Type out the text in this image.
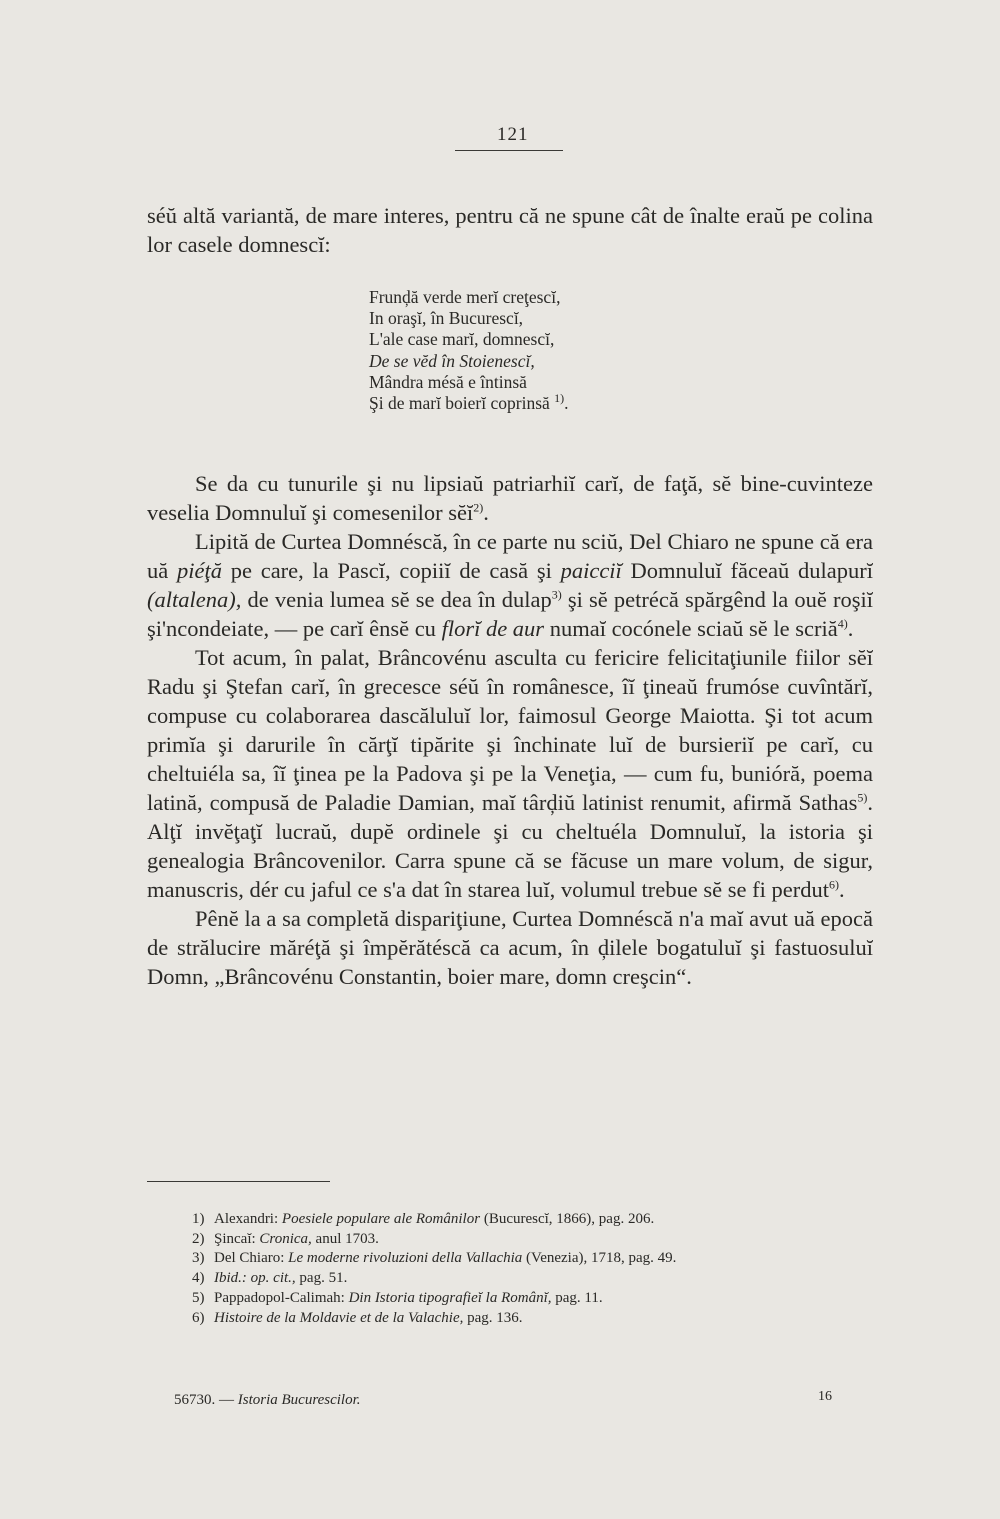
121

séŭ altă variantă, de mare interes, pentru că ne spune cât de înalte eraŭ pe colina lor casele domnescĭ:

Frunḑă verde merĭ creţescĭ,
In oraşĭ, în Bucurescĭ,
L'ale case marĭ, domnescĭ,
De se vĕd în Stoienescĭ,
Mândra mésă e întinsă
Şi de marĭ boierĭ coprinsă $^{1)}$.

Se da cu tunurile şi nu lipsiaŭ patriarhiĭ carĭ, de faţă, sĕ bine-cuvinteze veselia Domnuluĭ şi comesenilor sĕĭ$^{2)}$.

Lipită de Curtea Domnéscă, în ce parte nu sciŭ, Del Chiaro ne spune că era uă piéţă pe care, la Pascĭ, copiiĭ de casă şi paicciĭ Domnuluĭ făceaŭ dulapurĭ (altalena), de venia lumea sĕ se dea în dulap$^{3)}$ şi sĕ petrécă spărgênd la ouĕ roşiĭ şi'ncondeiate, — pe carĭ ênsĕ cu florĭ de aur numaĭ cocónele sciaŭ sĕ le scriă$^{4)}$.

Tot acum, în palat, Brâncovénu asculta cu fericire felicitaţiunile fiilor sĕĭ Radu şi Ştefan carĭ, în grecesce séŭ în românesce, îĭ ţineaŭ frumóse cuvîntărĭ, compuse cu colaborarea dascăluluĭ lor, faimosul George Maiotta. Şi tot acum primĭa şi darurile în cărţĭ tipărite şi închinate luĭ de bursieriĭ pe carĭ, cu cheltuiéla sa, îĭ ţinea pe la Padova şi pe la Veneţia, — cum fu, bunióră, poema latină, compusă de Paladie Damian, maĭ târḑiŭ latinist renumit, afirmă Sathas$^{5)}$. Alţĭ invĕţaţĭ lucraŭ, dupĕ ordinele şi cu cheltuéla Domnuluĭ, la istoria şi genealogia Brâncovenilor. Carra spune că se făcuse un mare volum, de sigur, manuscris, dér cu jaful ce s'a dat în starea luĭ, volumul trebue sĕ se fi perdut$^{6)}$.

Pênĕ la a sa completă dispariţiune, Curtea Domnéscă n'a maĭ avut uă epocă de strălucire măréţă şi împĕrătéscă ca acum, în ḑilele bogatuluĭ şi fastuosuluĭ Domn, „Brâncovénu Constantin, boier mare, domn creşcin“.

1) Alexandri: Poesiele populare ale Românilor (Bucurescĭ, 1866), pag. 206.
2) Şincaĭ: Cronica, anul 1703.
3) Del Chiaro: Le moderne rivoluzioni della Vallachia (Venezia), 1718, pag. 49.
4) Ibid.: op. cit., pag. 51.
5) Pappadopol-Calimah: Din Istoria tipografieĭ la Românĭ, pag. 11.
6) Histoire de la Moldavie et de la Valachie, pag. 136.
56730. — Istoria Bucurescilor.	16
